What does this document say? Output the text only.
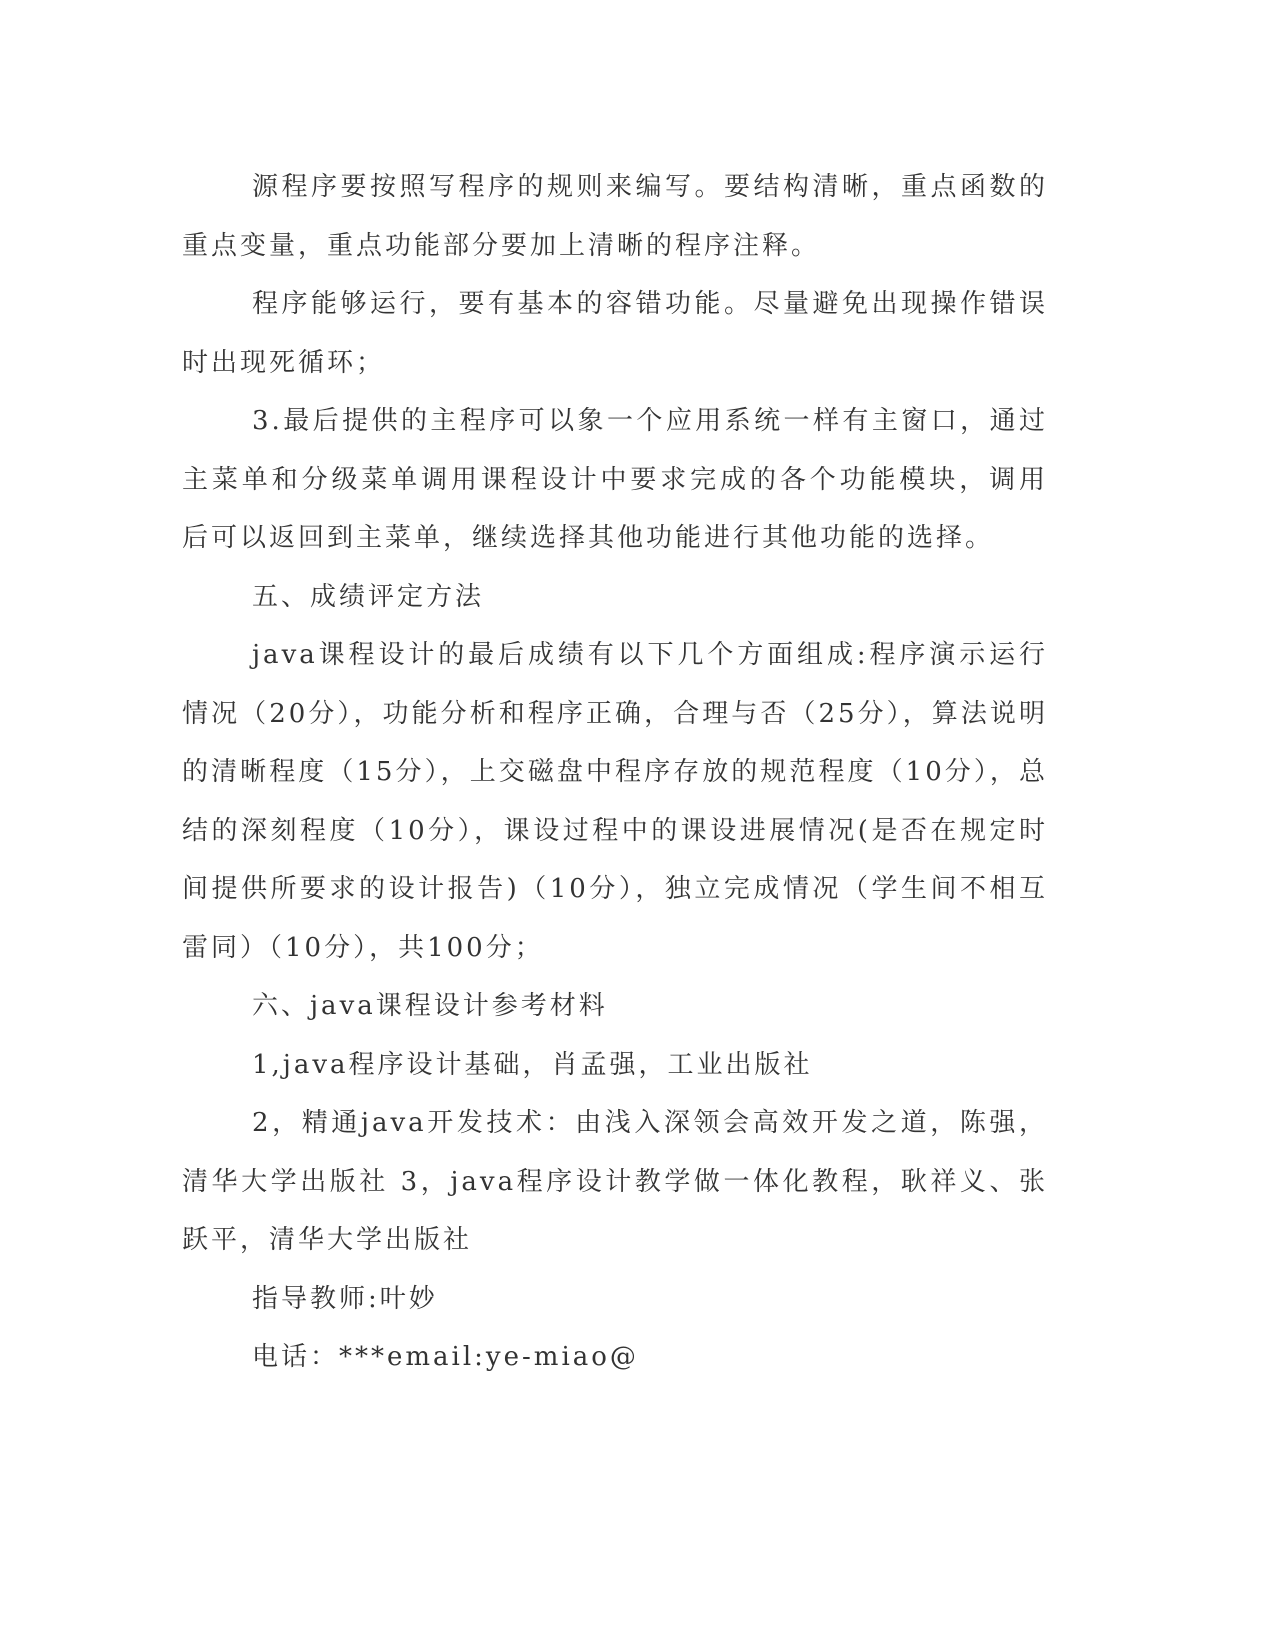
源程序要按照写程序的规则来编写。要结构清晰，重点函数的重点变量，重点功能部分要加上清晰的程序注释。

程序能够运行，要有基本的容错功能。尽量避免出现操作错误时出现死循环；

3.最后提供的主程序可以象一个应用系统一样有主窗口，通过主菜单和分级菜单调用课程设计中要求完成的各个功能模块，调用后可以返回到主菜单，继续选择其他功能进行其他功能的选择。

五、成绩评定方法

java课程设计的最后成绩有以下几个方面组成:程序演示运行情况（20分），功能分析和程序正确，合理与否（25分），算法说明的清晰程度（15分），上交磁盘中程序存放的规范程度（10分），总结的深刻程度（10分），课设过程中的课设进展情况(是否在规定时间提供所要求的设计报告)（10分），独立完成情况（学生间不相互雷同）（10分），共100分；

六、java课程设计参考材料

1,java程序设计基础，肖孟强，工业出版社

2，精通java开发技术：由浅入深领会高效开发之道，陈强，清华大学出版社 3，java程序设计教学做一体化教程，耿祥义、张跃平，清华大学出版社

指导教师:叶妙

电话：***email:ye-miao@
